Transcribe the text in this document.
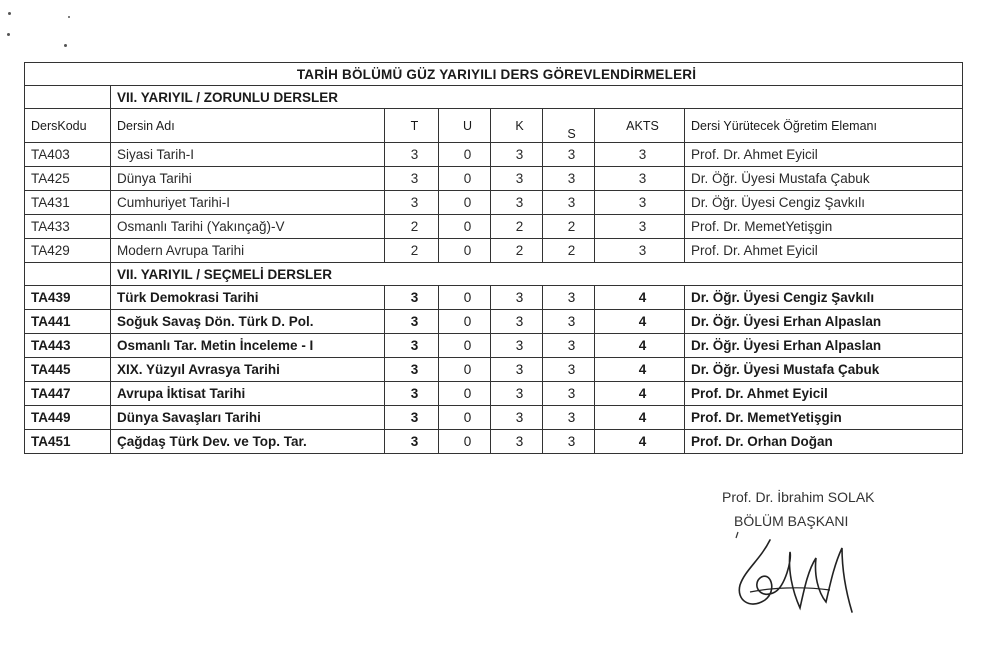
TARİH BÖLÜMÜ GÜZ YARIYILI DERS GÖREVLENDİRMELERİ							
	VII. YARIYIL / ZORUNLU DERSLER						
DersKodu	Dersin Adı	T	U	K	S	AKTS	Dersi Yürütecek Öğretim Elemanı
TA403	Siyasi Tarih-I	3	0	3	3	3	Prof. Dr. Ahmet Eyicil
TA425	Dünya Tarihi	3	0	3	3	3	Dr. Öğr. Üyesi Mustafa Çabuk
TA431	Cumhuriyet Tarihi-I	3	0	3	3	3	Dr. Öğr. Üyesi Cengiz Şavkılı
TA433	Osmanlı Tarihi (Yakınçağ)-V	2	0	2	2	3	Prof. Dr. MemetYetişgin
TA429	Modern Avrupa Tarihi	2	0	2	2	3	Prof. Dr. Ahmet Eyicil
	VII. YARIYIL / SEÇMELİ DERSLER						
TA439	Türk Demokrasi Tarihi	3	0	3	3	4	Dr. Öğr. Üyesi Cengiz Şavkılı
TA441	Soğuk Savaş Dön. Türk D. Pol.	3	0	3	3	4	Dr. Öğr. Üyesi Erhan Alpaslan
TA443	Osmanlı Tar. Metin İnceleme - I	3	0	3	3	4	Dr. Öğr. Üyesi Erhan Alpaslan
TA445	XIX. Yüzyıl Avrasya Tarihi	3	0	3	3	4	Dr. Öğr. Üyesi Mustafa Çabuk
TA447	Avrupa İktisat Tarihi	3	0	3	3	4	Prof. Dr. Ahmet Eyicil
TA449	Dünya Savaşları Tarihi	3	0	3	3	4	Prof. Dr. MemetYetişgin
TA451	Çağdaş Türk Dev. ve Top. Tar.	3	0	3	3	4	Prof. Dr. Orhan Doğan
Prof. Dr. İbrahim SOLAK
BÖLÜM BAŞKANI
